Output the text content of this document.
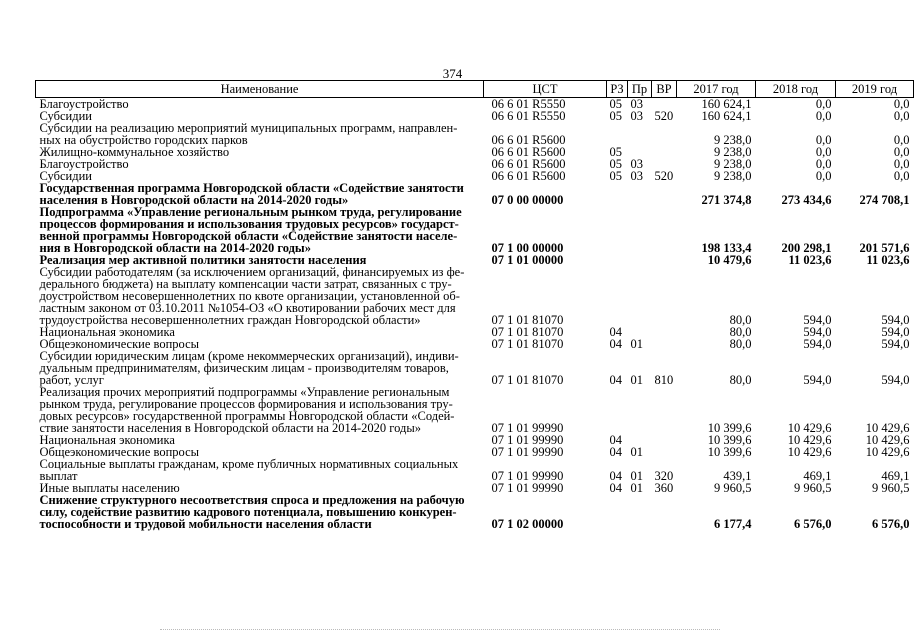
374
Наименование	ЦСТ	РЗ	Пр	ВР	2017 год	2018 год	2019 год

Благоустройство	06 6 01 R5550	05	03		160 624,1	0,0	0,0

Субсидии	06 6 01 R5550	05	03	520	160 624,1	0,0	0,0

Субсидии на реализацию мероприятий муниципальных программ, направлен-
ных на обустройство городских парков	06 6 01 R5600				9 238,0	0,0	0,0

Жилищно-коммунальное хозяйство	06 6 01 R5600	05			9 238,0	0,0	0,0

Благоустройство	06 6 01 R5600	05	03		9 238,0	0,0	0,0

Субсидии	06 6 01 R5600	05	03	520	9 238,0	0,0	0,0

Государственная программа Новгородской области «Содействие занятости
населения в Новгородской области на 2014-2020 годы»	07 0 00 00000				271 374,8	273 434,6	274 708,1

Подпрограмма «Управление региональным рынком труда, регулирование
процессов формирования и использования трудовых ресурсов» государст-
венной программы Новгородской области «Содействие занятости населе-
ния в Новгородской области на 2014-2020 годы»	07 1 00 00000				198 133,4	200 298,1	201 571,6

Реализация мер активной политики занятости населения	07 1 01 00000				10 479,6	11 023,6	11 023,6

Субсидии работодателям (за исключением организаций, финансируемых из фе-
дерального бюджета) на выплату компенсации части затрат, связанных с тру-
доустройством несовершеннолетних по квоте организации, установленной об-
ластным законом от 03.10.2011 №1054-ОЗ «О квотировании рабочих мест для
трудоустройства несовершеннолетних граждан Новгородской области»	07 1 01 81070				80,0	594,0	594,0

Национальная экономика	07 1 01 81070	04			80,0	594,0	594,0

Общеэкономические вопросы	07 1 01 81070	04	01		80,0	594,0	594,0

Субсидии юридическим лицам (кроме некоммерческих организаций), индиви-
дуальным предпринимателям, физическим лицам - производителям товаров,
работ, услуг	07 1 01 81070	04	01	810	80,0	594,0	594,0

Реализация прочих мероприятий подпрограммы «Управление региональным
рынком труда, регулирование процессов формирования и использования тру-
довых ресурсов» государственной программы Новгородской области «Содей-
ствие занятости населения в Новгородской области на 2014-2020 годы»	07 1 01 99990				10 399,6	10 429,6	10 429,6

Национальная экономика	07 1 01 99990	04			10 399,6	10 429,6	10 429,6

Общеэкономические вопросы	07 1 01 99990	04	01		10 399,6	10 429,6	10 429,6

Социальные выплаты гражданам, кроме публичных нормативных социальных
выплат	07 1 01 99990	04	01	320	439,1	469,1	469,1

Иные выплаты населению	07 1 01 99990	04	01	360	9 960,5	9 960,5	9 960,5

Снижение структурного несоответствия спроса и предложения на рабочую
силу, содействие развитию кадрового потенциала, повышению конкурен-
тоспособности и трудовой мобильности населения области	07 1 02 00000				6 177,4	6 576,0	6 576,0
